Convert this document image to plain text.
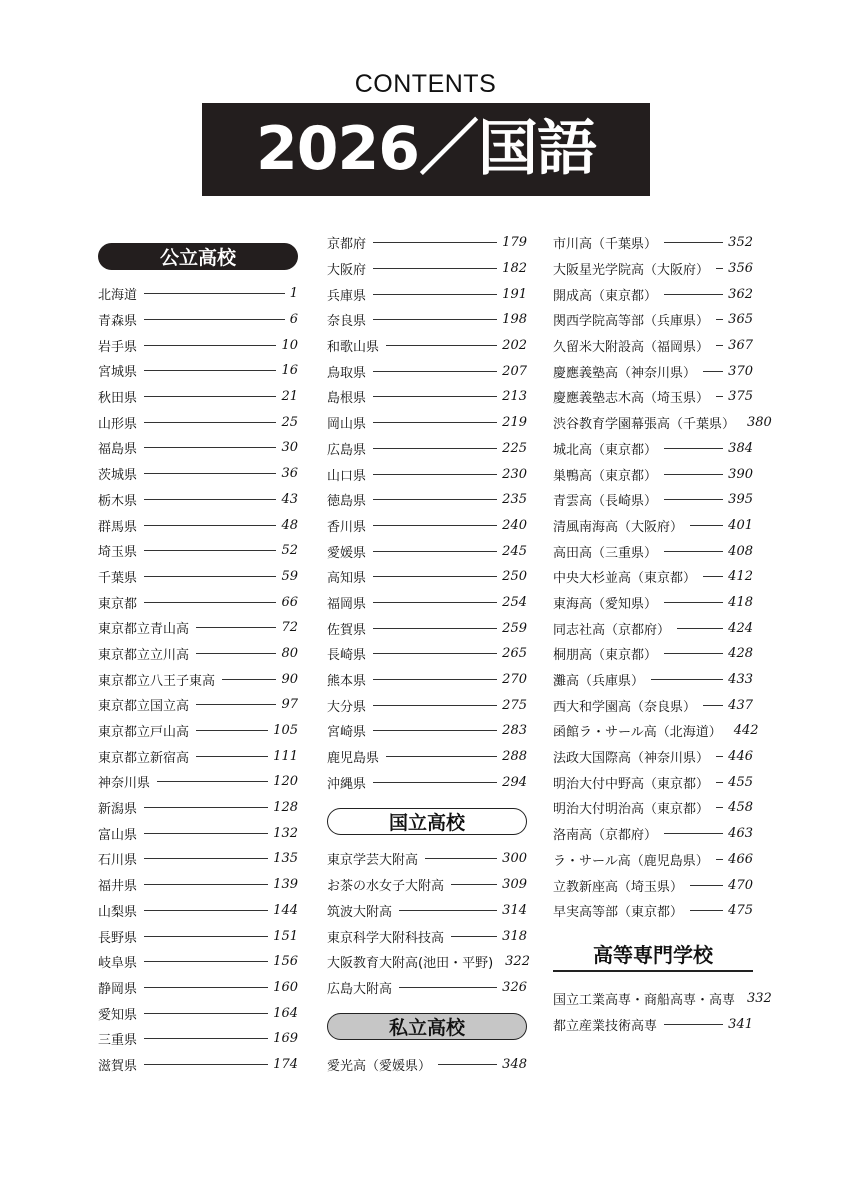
CONTENTS
2026／国語
公立高校
北海道	1
青森県	6
岩手県	10
宮城県	16
秋田県	21
山形県	25
福島県	30
茨城県	36
栃木県	43
群馬県	48
埼玉県	52
千葉県	59
東京都	66
東京都立青山高	72
東京都立立川高	80
東京都立八王子東高	90
東京都立国立高	97
東京都立戸山高	105
東京都立新宿高	111
神奈川県	120
新潟県	128
富山県	132
石川県	135
福井県	139
山梨県	144
長野県	151
岐阜県	156
静岡県	160
愛知県	164
三重県	169
滋賀県	174
京都府	179
大阪府	182
兵庫県	191
奈良県	198
和歌山県	202
鳥取県	207
島根県	213
岡山県	219
広島県	225
山口県	230
徳島県	235
香川県	240
愛媛県	245
高知県	250
福岡県	254
佐賀県	259
長崎県	265
熊本県	270
大分県	275
宮崎県	283
鹿児島県	288
沖縄県	294
国立高校
東京学芸大附高	300
お茶の水女子大附高	309
筑波大附高	314
東京科学大附科技高	318
大阪教育大附高(池田・平野) 322
広島大附高	326
私立高校
愛光高（愛媛県）	348
市川高（千葉県）	352
大阪星光学院高（大阪府） 356
開成高（東京都）	362
関西学院高等部（兵庫県） 365
久留米大附設高（福岡県） 367
慶應義塾高（神奈川県） 370
慶應義塾志木高（埼玉県） 375
渋谷教育学園幕張高（千葉県） 380
城北高（東京都）	384
巣鴨高（東京都）	390
青雲高（長崎県）	395
清風南海高（大阪府）	401
高田高（三重県）	408
中央大杉並高（東京都） 412
東海高（愛知県）	418
同志社高（京都府）	424
桐朋高（東京都）	428
灘高（兵庫県）	433
西大和学園高（奈良県） 437
函館ラ・サール高（北海道） 442
法政大国際高（神奈川県） 446
明治大付中野高（東京都） 455
明治大付明治高（東京都） 458
洛南高（京都府）	463
ラ・サール高（鹿児島県） 466
立教新座高（埼玉県）	470
早実高等部（東京都）	475
高等専門学校
国立工業高専・商船高専・高専 332
都立産業技術高専	341
